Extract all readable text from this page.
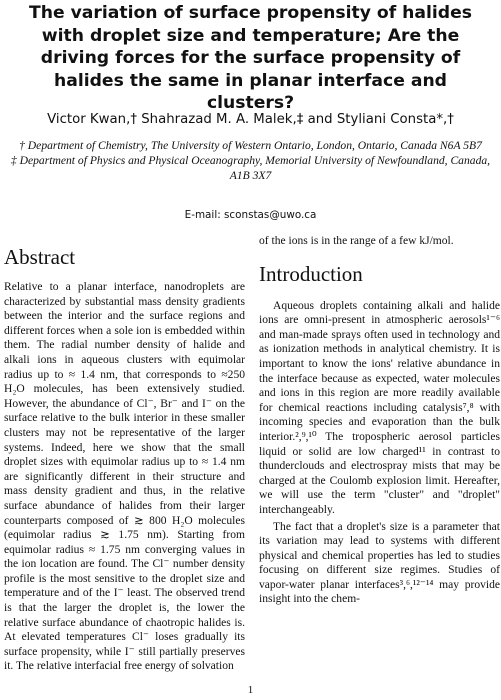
The variation of surface propensity of halides with droplet size and temperature; Are the driving forces for the surface propensity of halides the same in planar interface and clusters?
Victor Kwan,† Shahrazad M. A. Malek,‡ and Styliani Consta*,†
† Department of Chemistry, The University of Western Ontario, London, Ontario, Canada N6A 5B7
‡ Department of Physics and Physical Oceanography, Memorial University of Newfoundland, Canada, A1B 3X7
E-mail: sconstas@uwo.ca
Abstract

Relative to a planar interface, nanodroplets are characterized by substantial mass density gradients between the interior and the surface regions and different forces when a sole ion is embedded within them. The radial number density of halide and alkali ions in aqueous clusters with equimolar radius up to ≈ 1.4 nm, that corresponds to ≈250 H₂O molecules, has been extensively studied. However, the abundance of Cl⁻, Br⁻ and I⁻ on the surface relative to the bulk interior in these smaller clusters may not be representative of the larger systems. Indeed, here we show that the small droplet sizes with equimolar radius up to ≈ 1.4 nm are significantly different in their structure and mass density gradient and thus, in the relative surface abundance of halides from their larger counterparts composed of ≳ 800 H₂O molecules (equimolar radius ≳ 1.75 nm). Starting from equimolar radius ≈ 1.75 nm converging values in the ion location are found. The Cl⁻ number density profile is the most sensitive to the droplet size and temperature and of the I⁻ least. The observed trend is that the larger the droplet is, the lower the relative surface abundance of chaotropic halides is. At elevated temperatures Cl⁻ loses gradually its surface propensity, while I⁻ still partially preserves it. The relative interfacial free energy of solvation

of the ions is in the range of a few kJ/mol.

Introduction

Aqueous droplets containing alkali and halide ions are omni-present in atmospheric aerosols¹⁻⁶ and man-made sprays often used in technology and as ionization methods in analytical chemistry. It is important to know the ions' relative abundance in the interface because as expected, water molecules and ions in this region are more readily available for chemical reactions including catalysis⁷,⁸ with incoming species and evaporation than the bulk interior.²,⁹,¹⁰ The tropospheric aerosol particles liquid or solid are low charged¹¹ in contrast to thunderclouds and electrospray mists that may be charged at the Coulomb explosion limit. Hereafter, we will use the term "cluster" and "droplet" interchangeably.

The fact that a droplet's size is a parameter that its variation may lead to systems with different physical and chemical properties has led to studies focusing on different size regimes. Studies of vapor-water planar interfaces³,⁶,¹²⁻¹⁴ may provide insight into the chem-

1
